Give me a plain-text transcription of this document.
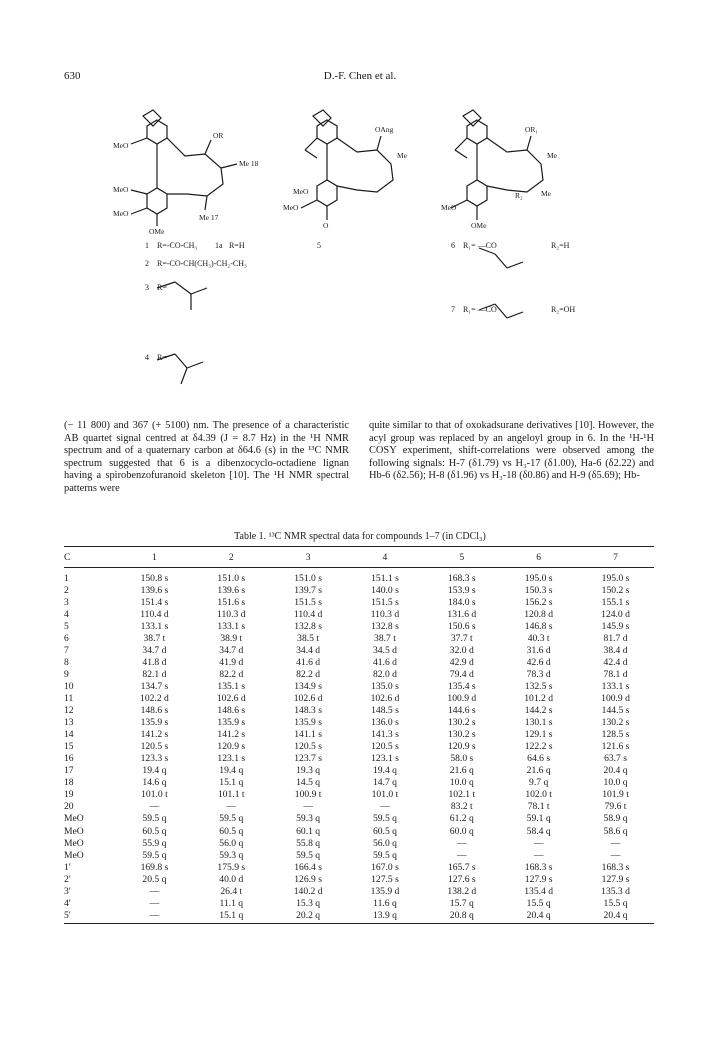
630	D.-F. Chen et al.
MeO
MeO
MeO
OMe
OR
Me 18
Me 17
MeO
MeO
O
OAng
Me
MeO
OMe
OR₁
Me
Me
R₂
1 R=-CO-CH₃ 1a R=H
2 R=-CO-CH(CH₃)-CH₂-CH₃
3 R=
4 R=
5	6 R₁= —CO	R₂=H
7 R₁= —CO	R₂=OH
(− 11 800) and 367 (+ 5100) nm. The presence of a characteristic AB quartet signal centred at δ4.39 (J = 8.7 Hz) in the ¹H NMR spectrum and of a quaternary carbon at δ64.6 (s) in the ¹³C NMR spectrum suggested that 6 is a dibenzocyclo-octadiene lignan having a spirobenzofuranoid skeleton [10]. The ¹H NMR spectral patterns were
quite similar to that of oxokadsurane derivatives [10]. However, the acyl group was replaced by an angeloyl group in 6. In the ¹H-¹H COSY experiment, shift-correlations were observed among the following signals: H-7 (δ1.79) vs H₃-17 (δ1.00), Ha-6 (δ2.22) and Hb-6 (δ2.56); H-8 (δ1.96) vs H₃-18 (δ0.86) and H-9 (δ5.69); Hb-
Table 1. ¹³C NMR spectral data for compounds 1–7 (in CDCl₃)
C	1	2	3	4	5	6	7
1	150.8 s	151.0 s	151.0 s	151.1 s	168.3 s	195.0 s	195.0 s
2	139.6 s	139.6 s	139.7 s	140.0 s	153.9 s	150.3 s	150.2 s
3	151.4 s	151.6 s	151.5 s	151.5 s	184.0 s	156.2 s	155.1 s
4	110.4 d	110.3 d	110.4 d	110.3 d	131.6 d	120.8 d	124.0 d
5	133.1 s	133.1 s	132.8 s	132.8 s	150.6 s	146.8 s	145.9 s
6	38.7 t	38.9 t	38.5 t	38.7 t	37.7 t	40.3 t	81.7 d
7	34.7 d	34.7 d	34.4 d	34.5 d	32.0 d	31.6 d	38.4 d
8	41.8 d	41.9 d	41.6 d	41.6 d	42.9 d	42.6 d	42.4 d
9	82.1 d	82.2 d	82.2 d	82.0 d	79.4 d	78.3 d	78.1 d
10	134.7 s	135.1 s	134.9 s	135.0 s	135.4 s	132.5 s	133.1 s
11	102.2 d	102.6 d	102.6 d	102.6 d	100.9 d	101.2 d	100.9 d
12	148.6 s	148.6 s	148.3 s	148.5 s	144.6 s	144.2 s	144.5 s
13	135.9 s	135.9 s	135.9 s	136.0 s	130.2 s	130.1 s	130.2 s
14	141.2 s	141.2 s	141.1 s	141.3 s	130.2 s	129.1 s	128.5 s
15	120.5 s	120.9 s	120.5 s	120.5 s	120.9 s	122.2 s	121.6 s
16	123.3 s	123.1 s	123.7 s	123.1 s	58.0 s	64.6 s	63.7 s
17	19.4 q	19.4 q	19.3 q	19.4 q	21.6 q	21.6 q	20.4 q
18	14.6 q	15.1 q	14.5 q	14.7 q	10.0 q	9.7 q	10.0 q
19	101.0 t	101.1 t	100.9 t	101.0 t	102.1 t	102.0 t	101.9 t
20	—	—	—	—	83.2 t	78.1 t	79.6 t
MeO	59.5 q	59.5 q	59.3 q	59.5 q	61.2 q	59.1 q	58.9 q
MeO	60.5 q	60.5 q	60.1 q	60.5 q	60.0 q	58.4 q	58.6 q
MeO	55.9 q	56.0 q	55.8 q	56.0 q	—	—	—
MeO	59.5 q	59.3 q	59.5 q	59.5 q	—	—	—
1′	169.8 s	175.9 s	166.4 s	167.0 s	165.7 s	168.3 s	168.3 s
2′	20.5 q	40.0 d	126.9 s	127.5 s	127.6 s	127.9 s	127.9 s
3′	—	26.4 t	140.2 d	135.9 d	138.2 d	135.4 d	135.3 d
4′	—	11.1 q	15.3 q	11.6 q	15.7 q	15.5 q	15.5 q
5′	—	15.1 q	20.2 q	13.9 q	20.8 q	20.4 q	20.4 q
